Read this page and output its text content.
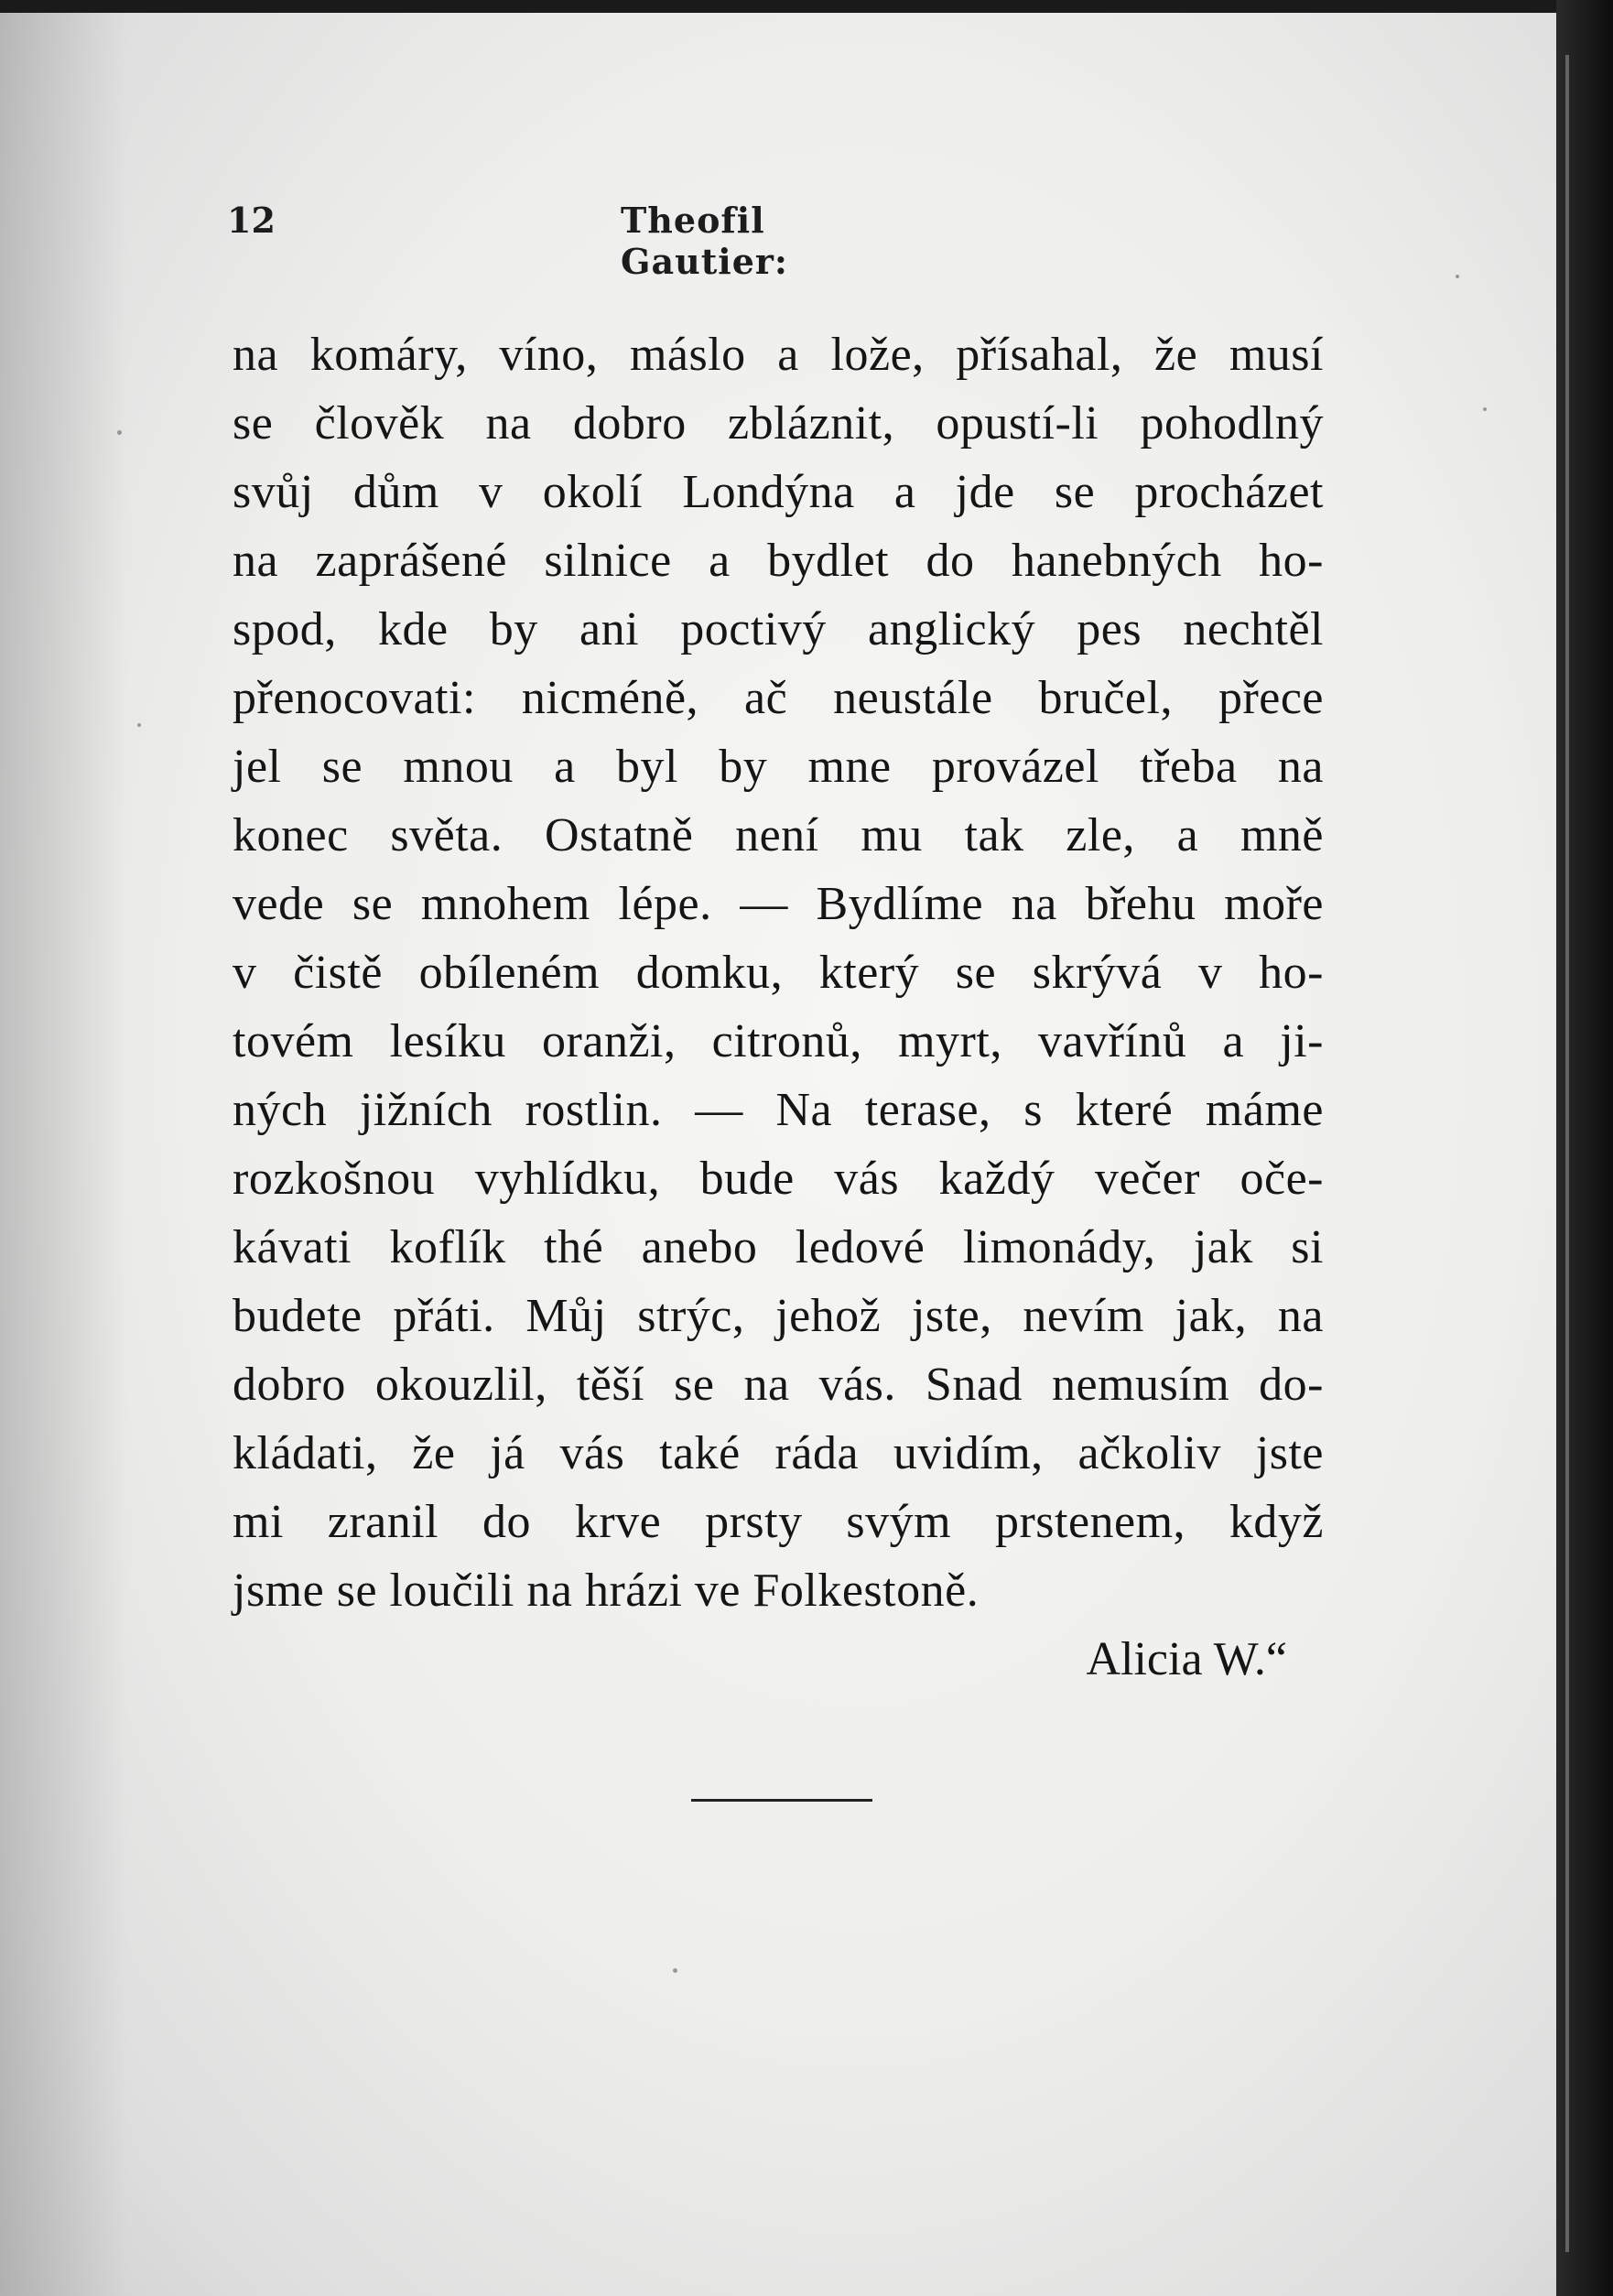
12	Theofil Gautier:
na komáry, víno, máslo a lože, přísahal, že musí
se člověk na dobro zbláznit, opustí-li pohodlný
svůj dům v okolí Londýna a jde se procházet
na zaprášené silnice a bydlet do hanebných ho-
spod, kde by ani poctivý anglický pes nechtěl
přenocovati: nicméně, ač neustále bručel, přece
jel se mnou a byl by mne provázel třeba na
konec světa. Ostatně není mu tak zle, a mně
vede se mnohem lépe. — Bydlíme na břehu moře
v čistě obíleném domku, který se skrývá v ho-
tovém lesíku oranži, citronů, myrt, vavřínů a ji-
ných jižních rostlin. — Na terase, s které máme
rozkošnou vyhlídku, bude vás každý večer oče-
kávati koflík thé anebo ledové limonády, jak si
budete přáti. Můj strýc, jehož jste, nevím jak, na
dobro okouzlil, těší se na vás. Snad nemusím do-
kládati, že já vás také ráda uvidím, ačkoliv jste
mi zranil do krve prsty svým prstenem, když
jsme se loučili na hrázi ve Folkestoně.
Alicia W.“
